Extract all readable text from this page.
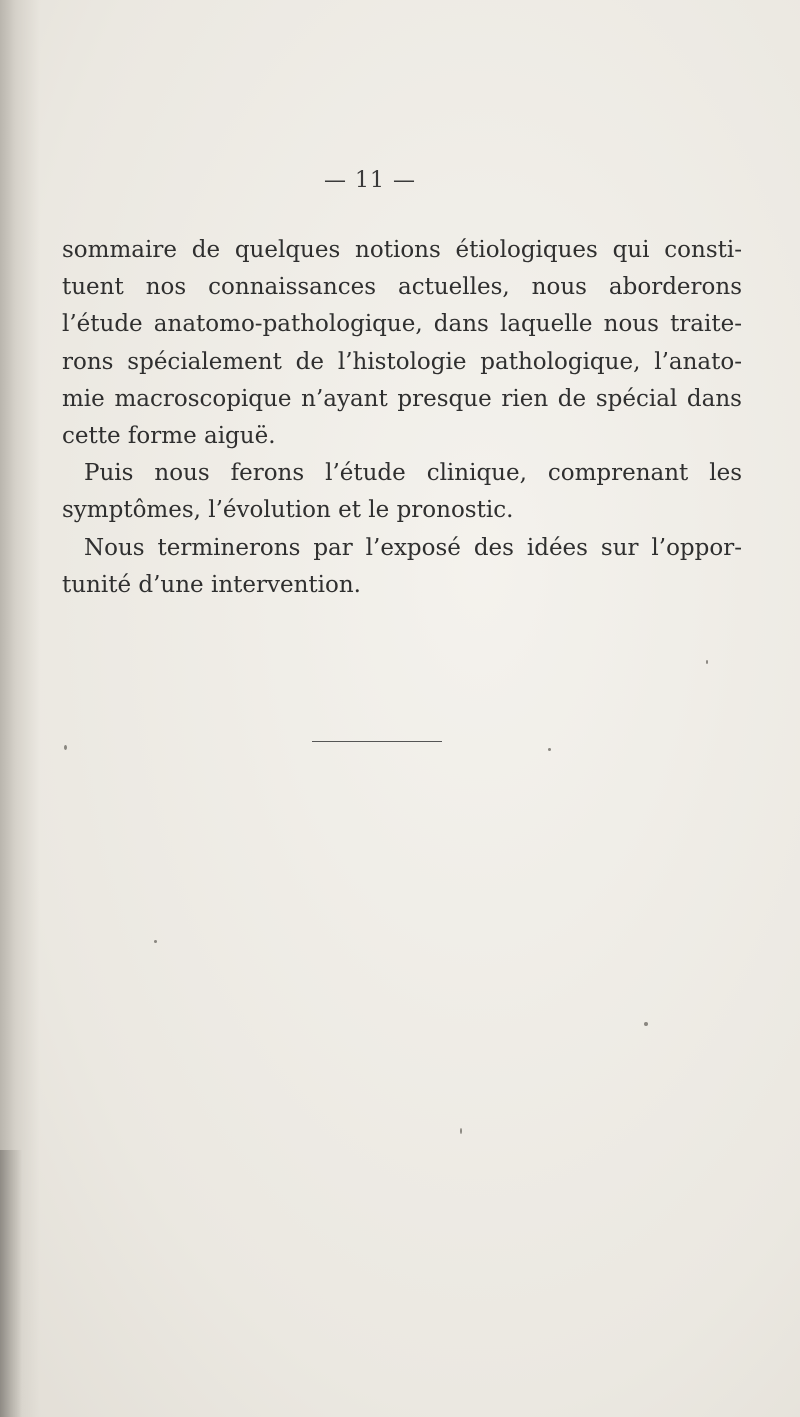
— 11 —
sommaire de quelques notions étiologiques qui consti-
tuent nos connaissances actuelles, nous aborderons
l’étude anatomo-pathologique, dans laquelle nous traite-
rons spécialement de l’histologie pathologique, l’anato-
mie macroscopique n’ayant presque rien de spécial dans
cette forme aiguë.
Puis nous ferons l’étude clinique, comprenant les
symptômes, l’évolution et le pronostic.
Nous terminerons par l’exposé des idées sur l’oppor-
tunité d’une intervention.
